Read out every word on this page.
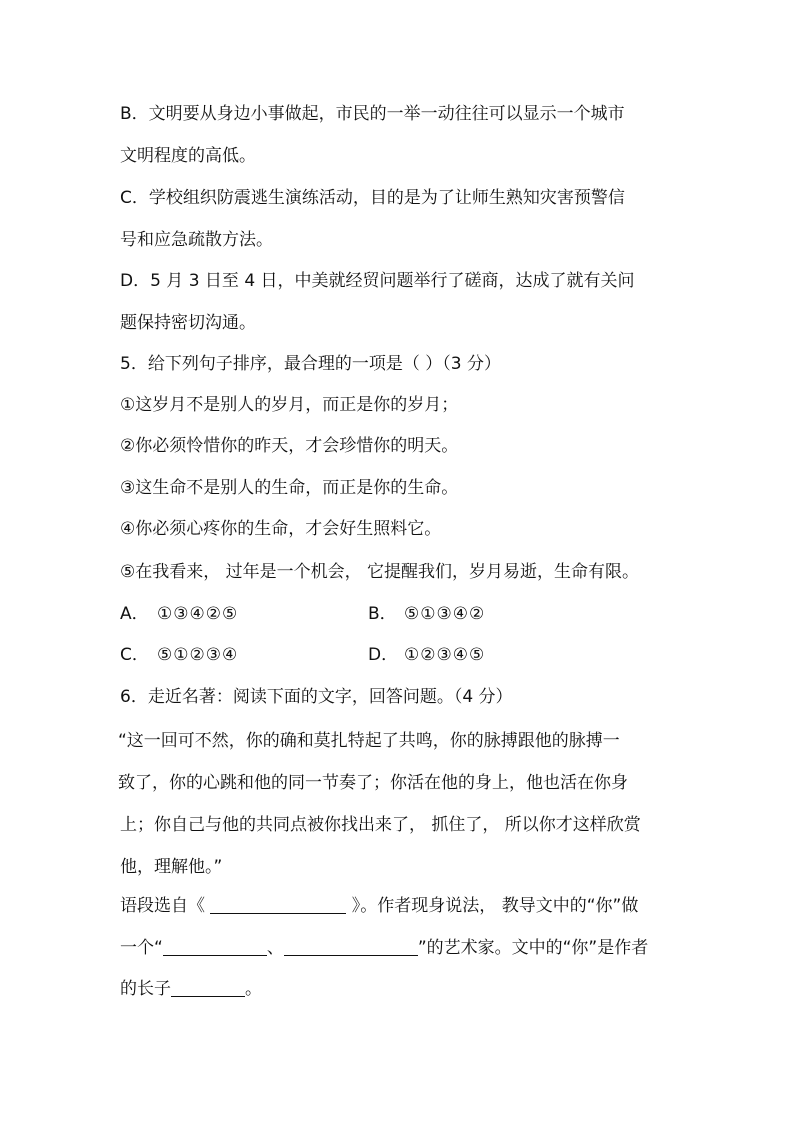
B．文明要从身边小事做起，市民的一举一动往往可以显示一个城市
文明程度的高低。
C．学校组织防震逃生演练活动，目的是为了让师生熟知灾害预警信
号和应急疏散方法。
D．5 月 3 日至 4 日，中美就经贸问题举行了磋商，达成了就有关问
题保持密切沟通。
5．给下列句子排序，最合理的一项是（ ）（3 分）
①这岁月不是别人的岁月，而正是你的岁月；
②你必须怜惜你的昨天，才会珍惜你的明天。
③这生命不是别人的生命，而正是你的生命。
④你必须心疼你的生命，才会好生照料它。
⑤在我看来， 过年是一个机会， 它提醒我们，岁月易逝，生命有限。
A． ①③④②⑤	B． ⑤①③④②
C． ⑤①②③④	D． ①②③④⑤
6．走近名著：阅读下面的文字，回答问题。（4 分）
“这一回可不然，你的确和莫扎特起了共鸣，你的脉搏跟他的脉搏一
致了，你的心跳和他的同一节奏了；你活在他的身上，他也活在你身
上；你自己与他的共同点被你找出来了， 抓住了， 所以你才这样欣赏
他，理解他。”
语段选自《	》。作者现身说法， 教导文中的“你”做
一个“	、	”的艺术家。文中的“你”是作者
的长子	。
